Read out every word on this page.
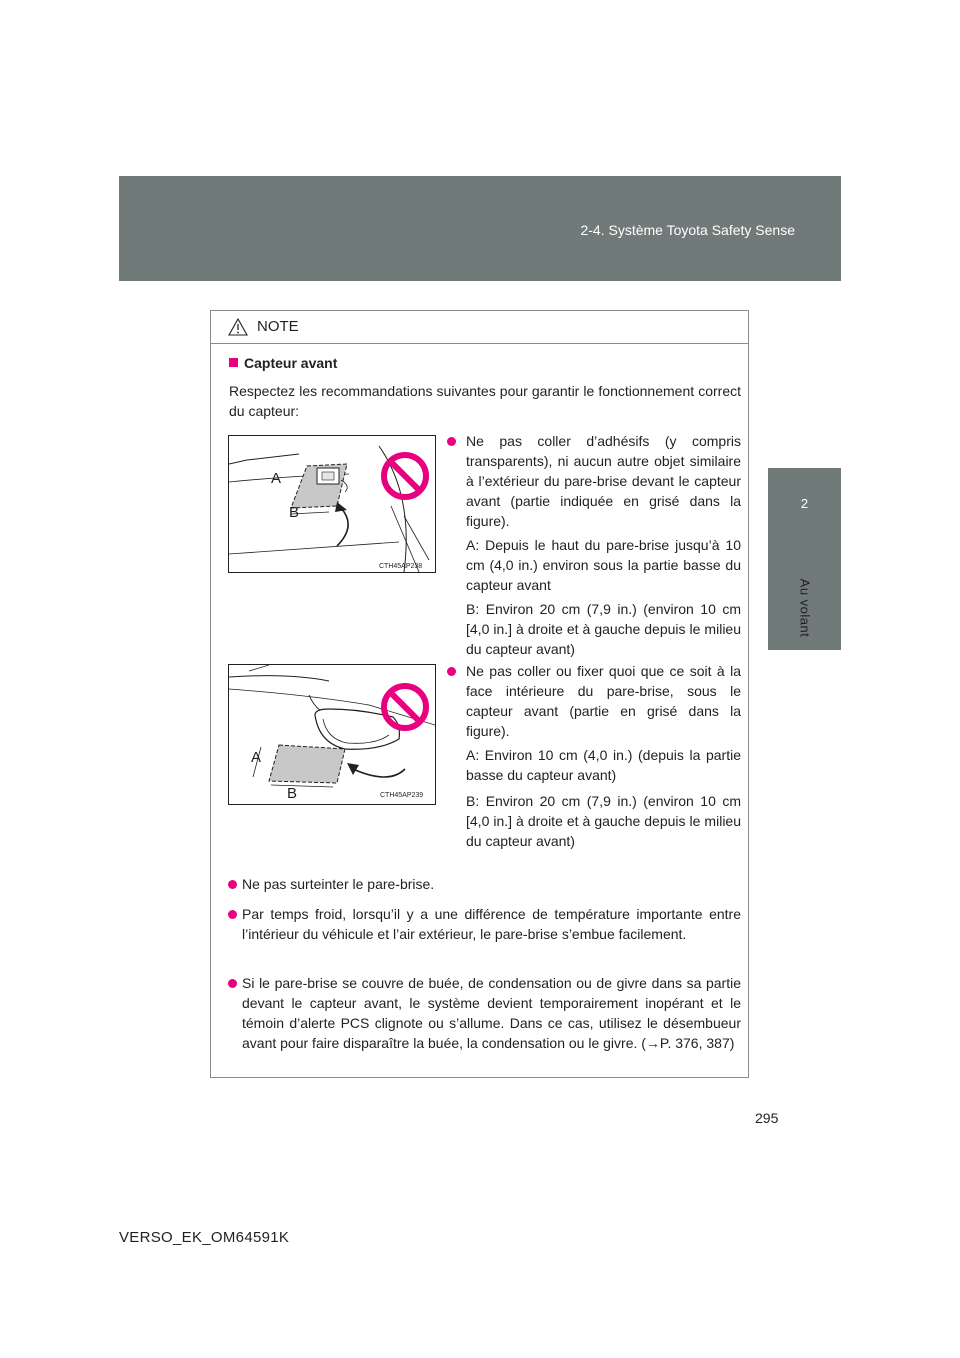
2-4. Système Toyota Safety Sense
2
Au volant
NOTE
Capteur avant
Respectez les recommandations suivantes pour garantir le fonctionnement correct du capteur:
CTH45AP238
A
B
Ne pas coller d’adhésifs (y compris transparents), ni aucun autre objet similaire à l’extérieur du pare-brise devant le capteur avant (partie indiquée en grisé dans la figure).
A: Depuis le haut du pare-brise jusqu’à 10 cm (4,0 in.) environ sous la partie basse du capteur avant
B: Environ 20 cm (7,9 in.) (environ 10 cm [4,0 in.] à droite et à gauche depuis le milieu du capteur avant)
CTH45AP239
A
B
Ne pas coller ou fixer quoi que ce soit à la face intérieure du pare-brise, sous le capteur avant (partie en grisé dans la figure).
A: Environ 10 cm (4,0 in.) (depuis la partie basse du capteur avant)
B: Environ 20 cm (7,9 in.) (environ 10 cm [4,0 in.] à droite et à gauche depuis le milieu du capteur avant)
Ne pas surteinter le pare-brise.
Par temps froid, lorsqu’il y a une différence de température importante entre l’intérieur du véhicule et l’air extérieur, le pare-brise s’embue facilement.
Si le pare-brise se couvre de buée, de condensation ou de givre dans sa partie devant le capteur avant, le système devient temporairement inopérant et le témoin d’alerte PCS clignote ou s’allume. Dans ce cas, utilisez le désembueur avant pour faire disparaître la buée, la condensation ou le givre. (→P. 376, 387)
295
VERSO_EK_OM64591K
